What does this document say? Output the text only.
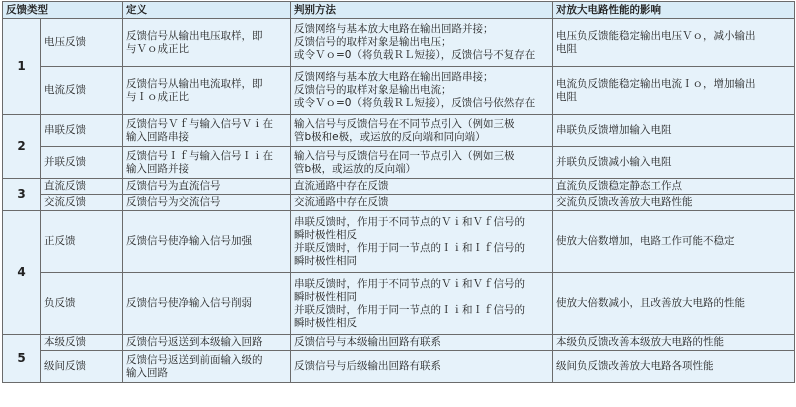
反馈类型		定义	判别方法	对放大电路性能的影响
1	电压反馈	反馈信号从输出电压取样，即
与Ｖｏ成正比	反馈网络与基本放大电路在输出回路并接；
反馈信号的取样对象是输出电压；
或令Ｖｏ=0（将负载ＲＬ短接），反馈信号不复存在	电压负反馈能稳定输出电压Ｖｏ，减小输出
电阻
	电流反馈	反馈信号从输出电流取样，即
与Ｉｏ成正比	反馈网络与基本放大电路在输出回路串接；
反馈信号的取样对象是输出电流；
或令Ｖｏ=0（将负载ＲＬ短接），反馈信号依然存在	电流负反馈能稳定输出电流Ｉｏ，增加输出
电阻
2	串联反馈	反馈信号Ｖｆ与输入信号Ｖｉ在
输入回路串接	输入信号与反馈信号在不同节点引入（例如三极
管b极和e极，或运放的反向端和同向端）	串联负反馈增加输入电阻
	并联反馈	反馈信号Ｉｆ与输入信号Ｉｉ在
输入回路并接	输入信号与反馈信号在同一节点引入（例如三极
管b极，或运放的反向端）	并联负反馈减小输入电阻
3	直流反馈	反馈信号为直流信号	直流通路中存在反馈	直流负反馈稳定静态工作点
	交流反馈	反馈信号为交流信号	交流通路中存在反馈	交流负反馈改善放大电路性能
4	正反馈	反馈信号使净输入信号加强	串联反馈时，作用于不同节点的Ｖｉ和Ｖｆ信号的
瞬时极性相反
并联反馈时，作用于同一节点的Ｉｉ和Ｉｆ信号的
瞬时极性相同	使放大倍数增加，电路工作可能不稳定
	负反馈	反馈信号使净输入信号削弱	串联反馈时，作用于不同节点的Ｖｉ和Ｖｆ信号的
瞬时极性相同
并联反馈时，作用于同一节点的Ｉｉ和Ｉｆ信号的
瞬时极性相反	使放大倍数减小，且改善放大电路的性能
5	本级反馈	反馈信号返送到本级输入回路	反馈信号与本级输出回路有联系	本级负反馈改善本级放大电路的性能
	级间反馈	反馈信号返送到前面输入级的
输入回路	反馈信号与后级输出回路有联系	级间负反馈改善放大电路各项性能
